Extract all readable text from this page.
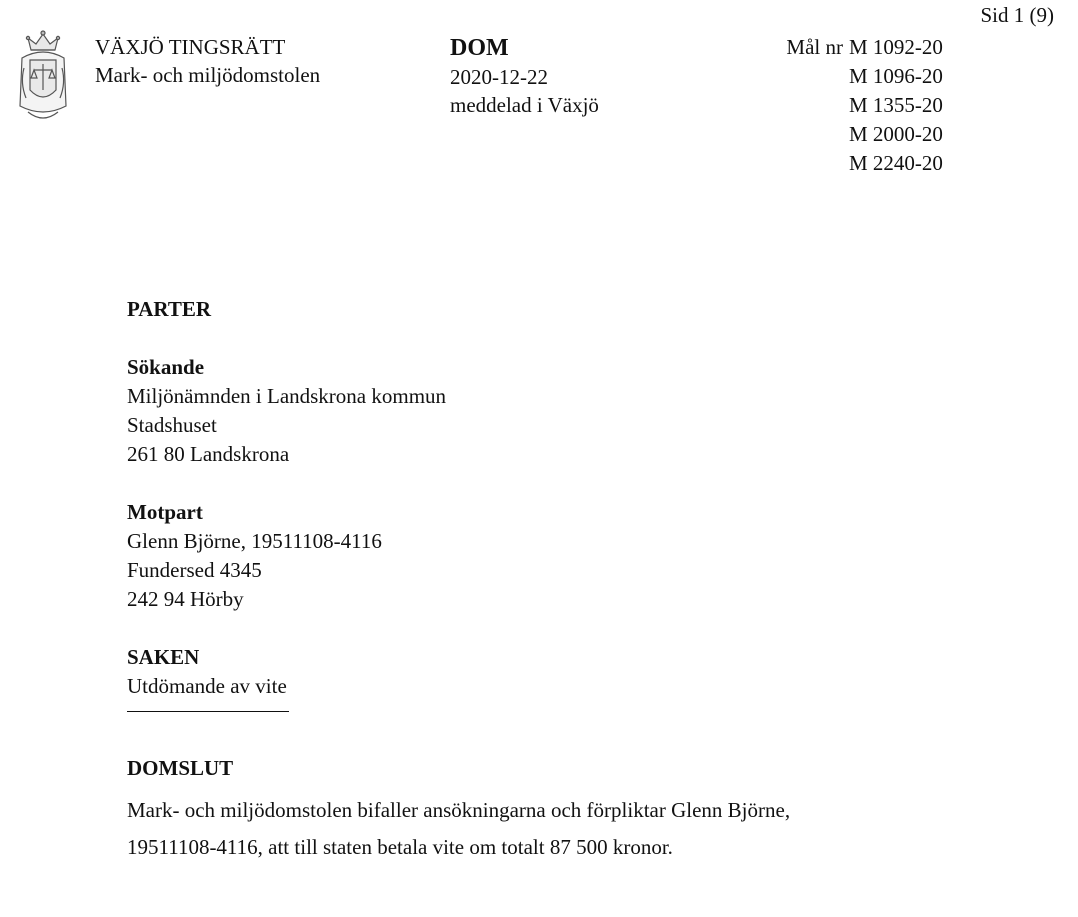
Sid 1 (9)
VÄXJÖ TINGSRÄTT
Mark- och miljödomstolen
DOM
2020-12-22
meddelad i Växjö
Mål nr M 1092-20
M 1096-20
M 1355-20
M 2000-20
M 2240-20
PARTER
Sökande
Miljönämnden i Landskrona kommun
Stadshuset
261 80 Landskrona
Motpart
Glenn Björne, 19511108-4116
Fundersed 4345
242 94 Hörby
SAKEN
Utdömande av vite
DOMSLUT
Mark- och miljödomstolen bifaller ansökningarna och förpliktar Glenn Björne,
19511108-4116, att till staten betala vite om totalt 87 500 kronor.
